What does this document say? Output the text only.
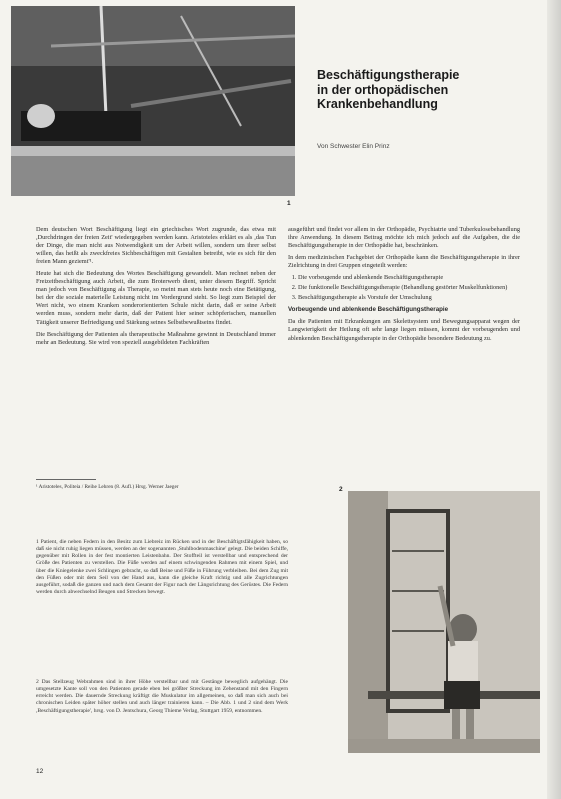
1
Beschäftigungstherapie
in der orthopädischen
Krankenbehandlung
Von Schwester Elin Prinz

Dem deutschen Wort Beschäftigung liegt ein griechisches Wort zugrunde, das etwa mit ,Durchdringen der freien Zeit' wiedergegeben werden kann. Aristoteles erklärt es als ,das Tun der Dinge, die man nicht aus Notwendigkeit um der Arbeit willen, sondern um ihrer selbst willen, das heißt als zweckfreies Sichbeschäftigen mit Gestalten betreibt, wie es sich für den freien Mann geziemt'¹.

Heute hat sich die Bedeutung des Wortes Beschäftigung gewandelt. Man rechnet neben der Freizeitbeschäftigung auch Arbeit, die zum Broterwerb dient, unter diesem Begriff. Spricht man jedoch von Beschäftigung als Therapie, so meint man stets heute noch eine Betätigung, bei der die soziale materielle Leistung nicht im Vordergrund steht. So liegt zum Beispiel der Wert nicht, wo einem Kranken sonderorientierten Schule nicht darin, daß er seine Arbeit werden muss, sondern mehr darin, daß der Patient hier seiner schöpferischen, manuellen Tätigkeit unserer Befriedigung und Stärkung seines Selbstbewußtseins findet.

Die Beschäftigung der Patienten als therapeutische Maßnahme gewinnt in Deutschland immer mehr an Bedeutung. Sie wird von speziell ausgebildeten Fachkräften

ausgeführt und findet vor allem in der Orthopädie, Psychiatrie und Tuberkulosebehandlung ihre Anwendung. In diesem Beitrag möchte ich mich jedoch auf die Aufgaben, die die Beschäftigungstherapie in der Orthopädie hat, beschränken.

In dem medizinischen Fachgebiet der Orthopädie kann die Beschäftigungstherapie in ihrer Zielrichtung in drei Gruppen eingeteilt werden:

1. Die vorbeugende und ablenkende Beschäftigungstherapie
2. Die funktionelle Beschäftigungstherapie (Behandlung gestörter Muskelfunktionen)
3. Beschäftigungstherapie als Vorstufe der Umschulung
Vorbeugende und ablenkende Beschäftigungstherapie

Da die Patienten mit Erkrankungen am Skelettsystem und Bewegungsapparat wegen der Langwierigkeit der Heilung oft sehr lange liegen müssen, kommt der vorbeugenden und ablenkenden Beschäftigungstherapie in der Orthopädie besondere Bedeutung zu.

¹ Aristoteles, Politeia / Reihe Lehren (8. Aufl.) Hrsg. Werner Jaeger	2

1 Patient, die neben Federn in den Besitz zum Liebreiz im Rücken und in der Beschäftigtsfähigkeit haben, so daß sie nicht ruhig liegen müssen, werden an der sogenannten ,Stuhlbodenmaschine' gelegt. Die beiden Schiffe, gegenüber mit Rollen in der fest montierten Leistenbahn. Der Stoffteil ist verstellbar und entsprechend der Größe des Patienten zu verstellen. Die Füße werden auf einem schwingenden Rahmen mit einem Spiel, und über die Kniegelenke zwei Schlingen gebracht, so daß Beine und Füße in Führung verbleiben. Bei dem Zug mit den Füßen oder mit dem Seil von der Hand aus, kann die gleiche Kraft richtig und alle Zugrichtungen ausgeführt, sodaß die ganzen und nach dem Gesamt der Figur nach der Längsrichtung des Gerüstes. Die Federn werden durch abwechselnd Beugen und Strecken bewegt.

2 Das Stellzeug Webrahmen sind in ihrer Höhe verstellbar und mit Gestänge beweglich aufgehängt. Die umgesetzte Kante soll von den Patienten gerade eben bei größter Streckung im Zehenstand mit den Fingern erreicht werden. Die dauernde Streckung kräftigt die Muskulatur im allgemeinen, so daß man sich auch bei chronischen Leiden später höher stellen und auch länger trainieren kann. – Die Abb. 1 und 2 sind dem Werk ,Beschäftigungstherapie', hrsg. von D. Jentschura, Georg Thieme Verlag, Stuttgart 1959, entnommen.

12
